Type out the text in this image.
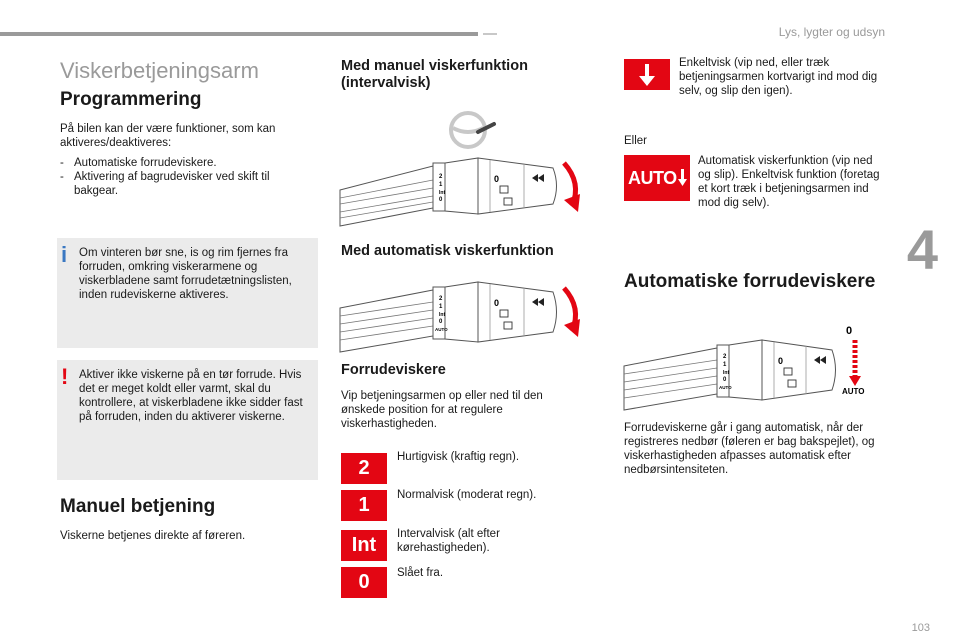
Lys, lygter og udsyn
4
Viskerbetjeningsarm
Programmering
På bilen kan der være funktioner, som kan aktiveres/deaktiveres:
- Automatiske forrudeviskere.
- Aktivering af bagrudevisker ved skift til bakgear.
i Om vinteren bør sne, is og rim fjernes fra forruden, omkring viskerarmene og viskerbladene samt forrudetætningslisten, inden rudeviskerne aktiveres.
! Aktiver ikke viskerne på en tør forrude. Hvis det er meget koldt eller varmt, skal du kontrollere, at viskerbladene ikke sidder fast på forruden, inden du aktiverer viskerne.
Manuel betjening
Viskerne betjenes direkte af føreren.
Med manuel viskerfunktion (intervalvisk)
2
1
Int
0
0
Med automatisk viskerfunktion
2
1
Int
0
AUTO
0
Forrudeviskere
Vip betjeningsarmen op eller ned til den ønskede position for at regulere viskerhastigheden.
2	Hurtigvisk (kraftig regn).
1	Normalvisk (moderat regn).
Int	Intervalvisk (alt efter kørehastigheden).
0	Slået fra.
Enkeltvisk (vip ned, eller træk betjeningsarmen kortvarigt ind mod dig selv, og slip den igen).
Eller
AUTO
Automatisk viskerfunktion (vip ned og slip). Enkeltvisk funktion (foretag et kort træk i betjeningsarmen ind mod dig selv).
Automatiske forrudeviskere
2
1
Int
0
AUTO
0
0
AUTO
Forrudeviskerne går i gang automatisk, når der registreres nedbør (føleren er bag bakspejlet), og viskerhastigheden afpasses automatisk efter nedbørsintensiteten.
103
